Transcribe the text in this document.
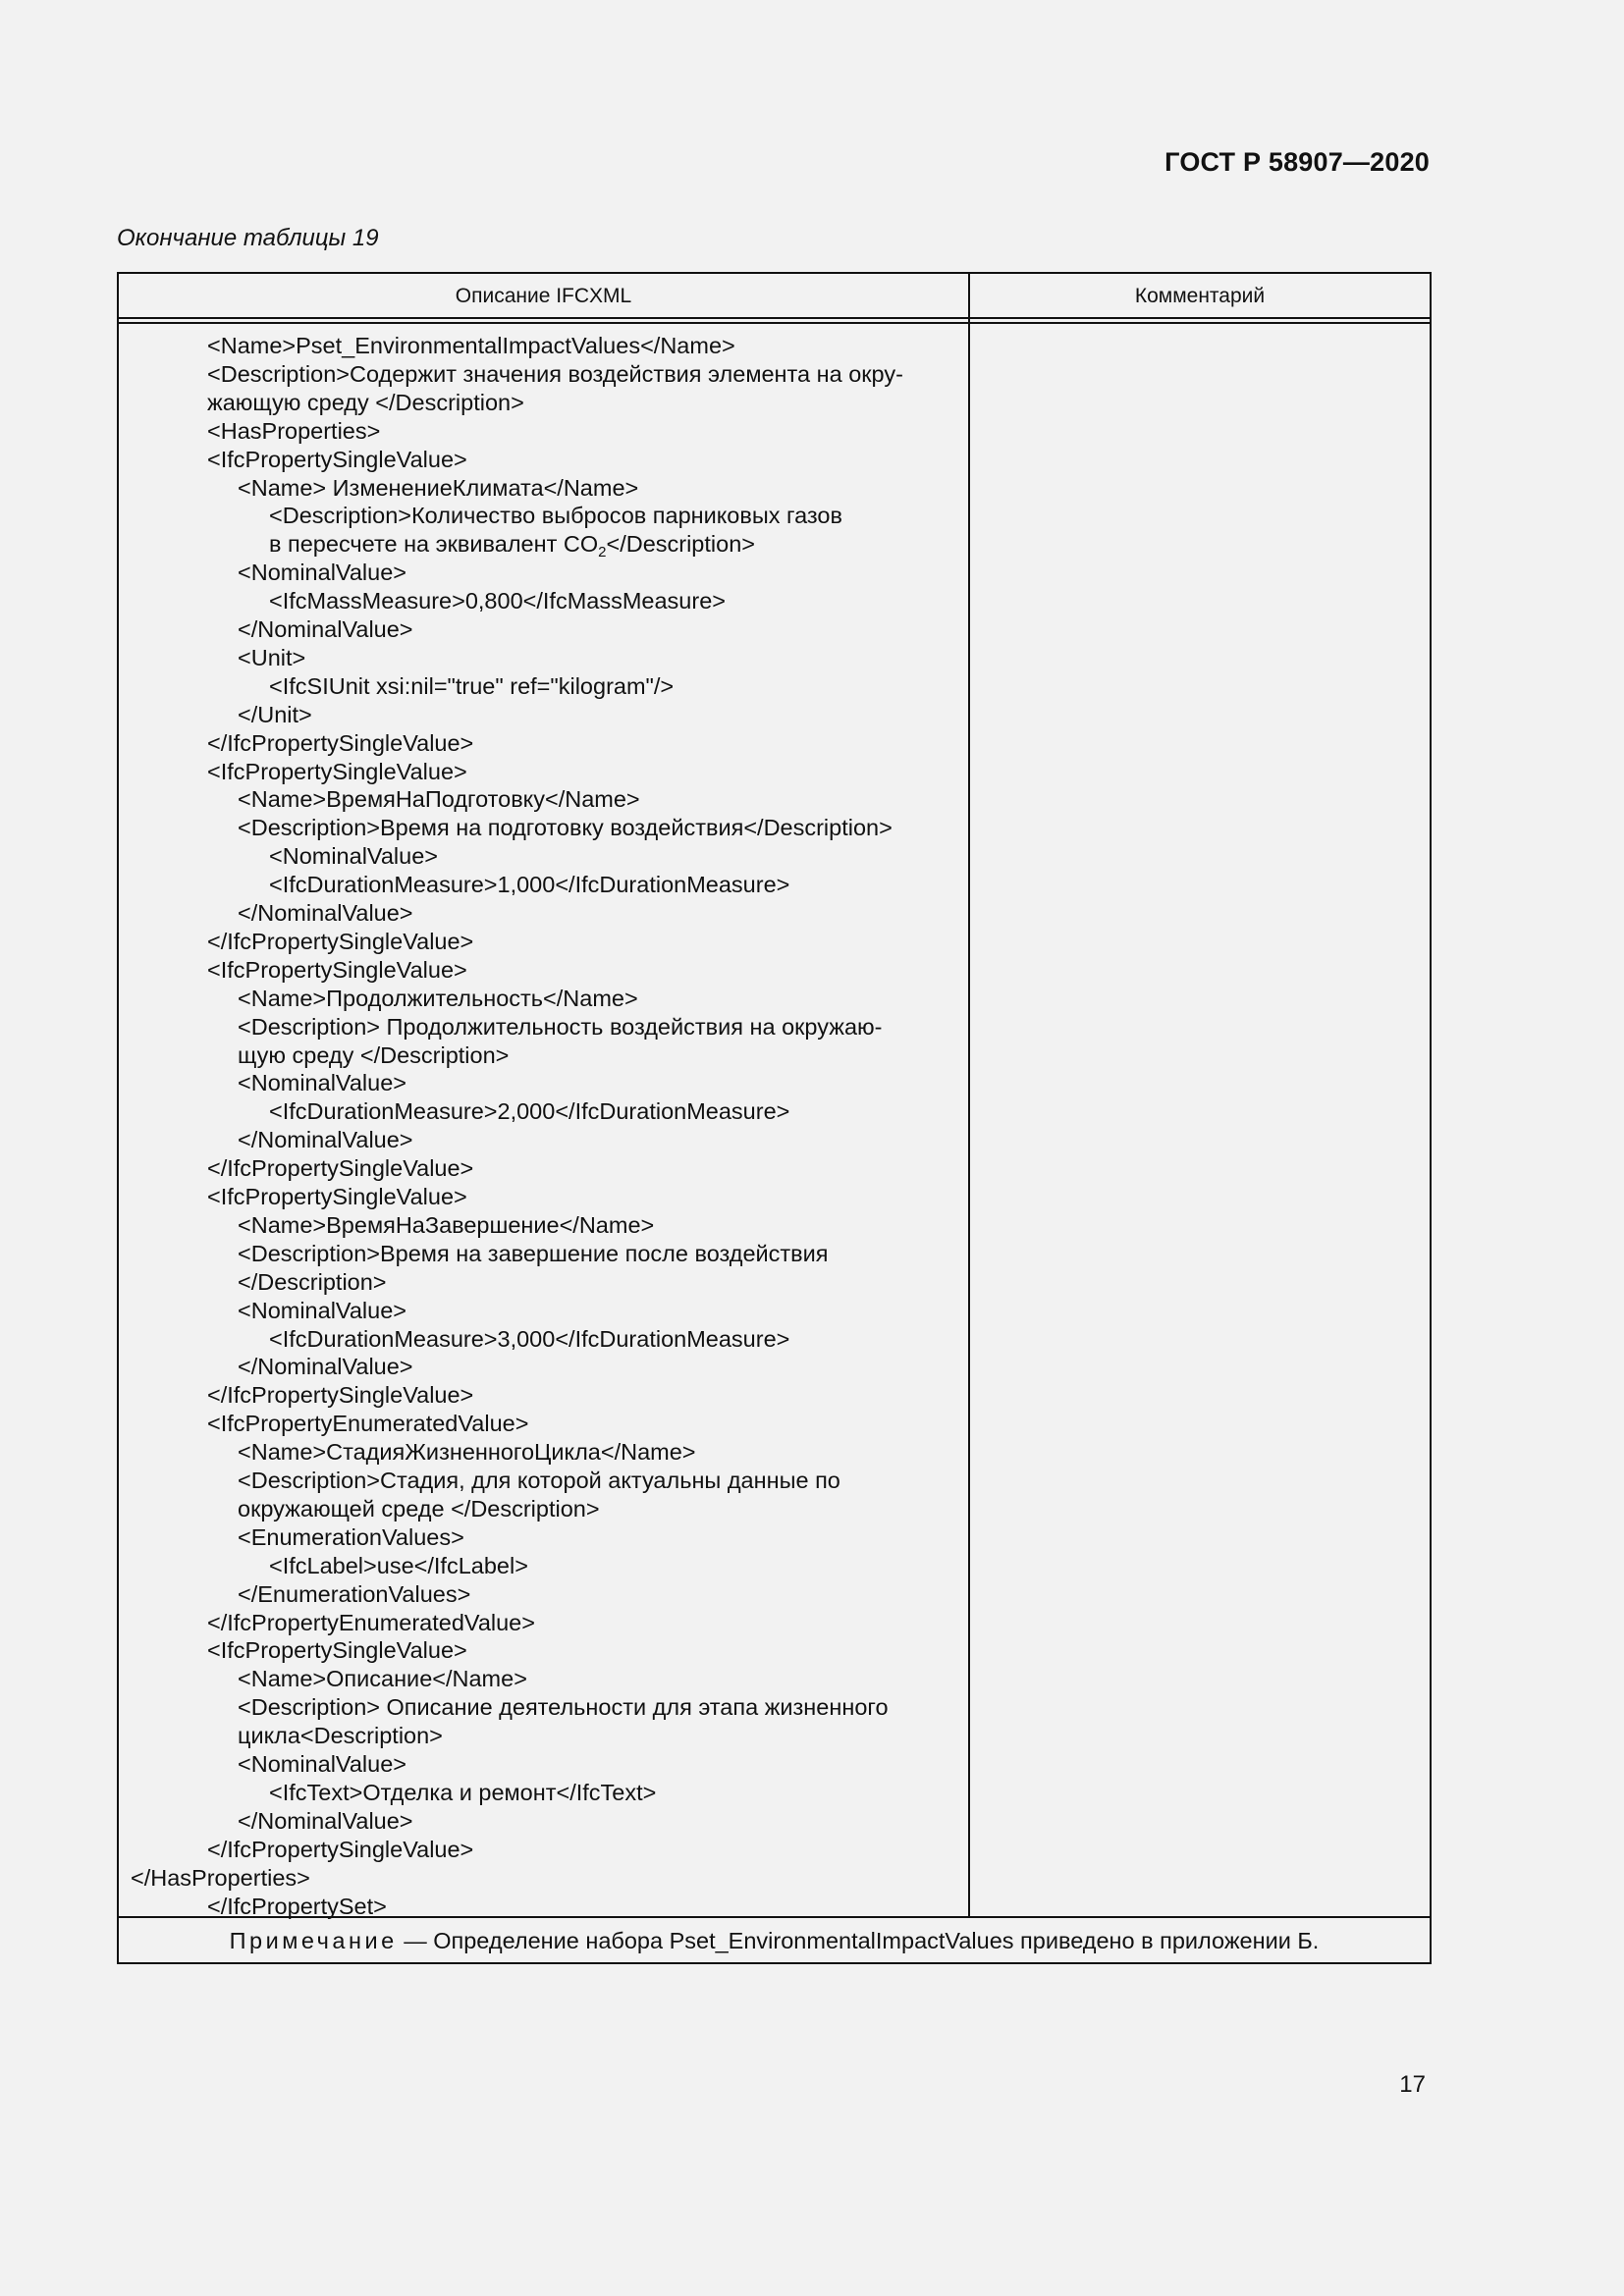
ГОСТ Р 58907—2020
Окончание таблицы 19
Описание IFCXML	Комментарий
<Name>Pset_EnvironmentalImpactValues</Name>
<Description>Содержит значения воздействия элемента на окру-
жающую среду </Description>
<HasProperties>
<IfcPropertySingleValue>
<Name> ИзменениеКлимата</Name>
<Description>Количество выбросов парниковых газов
в пересчете на эквивалент $CO_2</Description>$
<NominalValue>
<IfcMassMeasure>0,800</IfcMassMeasure>
</NominalValue>
<Unit>
<IfcSIUnit xsi:nil="true" ref="kilogram"/>
</Unit>
</IfcPropertySingleValue>
<IfcPropertySingleValue>
<Name>ВремяНаПодготовку</Name>
<Description>Время на подготовку воздействия</Description>
<NominalValue>
<IfcDurationMeasure>1,000</IfcDurationMeasure>
</NominalValue>
</IfcPropertySingleValue>
<IfcPropertySingleValue>
<Name>Продолжительность</Name>
<Description> Продолжительность воздействия на окружаю-
щую среду </Description>
<NominalValue>
<IfcDurationMeasure>2,000</IfcDurationMeasure>
</NominalValue>
</IfcPropertySingleValue>
<IfcPropertySingleValue>
<Name>ВремяНаЗавершение</Name>
<Description>Время на завершение после воздействия
</Description>
<NominalValue>
<IfcDurationMeasure>3,000</IfcDurationMeasure>
</NominalValue>
</IfcPropertySingleValue>
<IfcPropertyEnumeratedValue>
<Name>СтадияЖизненногоЦикла</Name>
<Description>Стадия, для которой актуальны данные по
окружающей среде </Description>
<EnumerationValues>
<IfcLabel>use</IfcLabel>
</EnumerationValues>
</IfcPropertyEnumeratedValue>
<IfcPropertySingleValue>
<Name>Описание</Name>
<Description> Описание деятельности для этапа жизненного
цикла<Description>
<NominalValue>
<IfcText>Отделка и ремонт</IfcText>
</NominalValue>
</IfcPropertySingleValue>
</HasProperties>
</IfcPropertySet>
Примечание — Определение набора Pset_EnvironmentalImpactValues приведено в приложении Б.
17
